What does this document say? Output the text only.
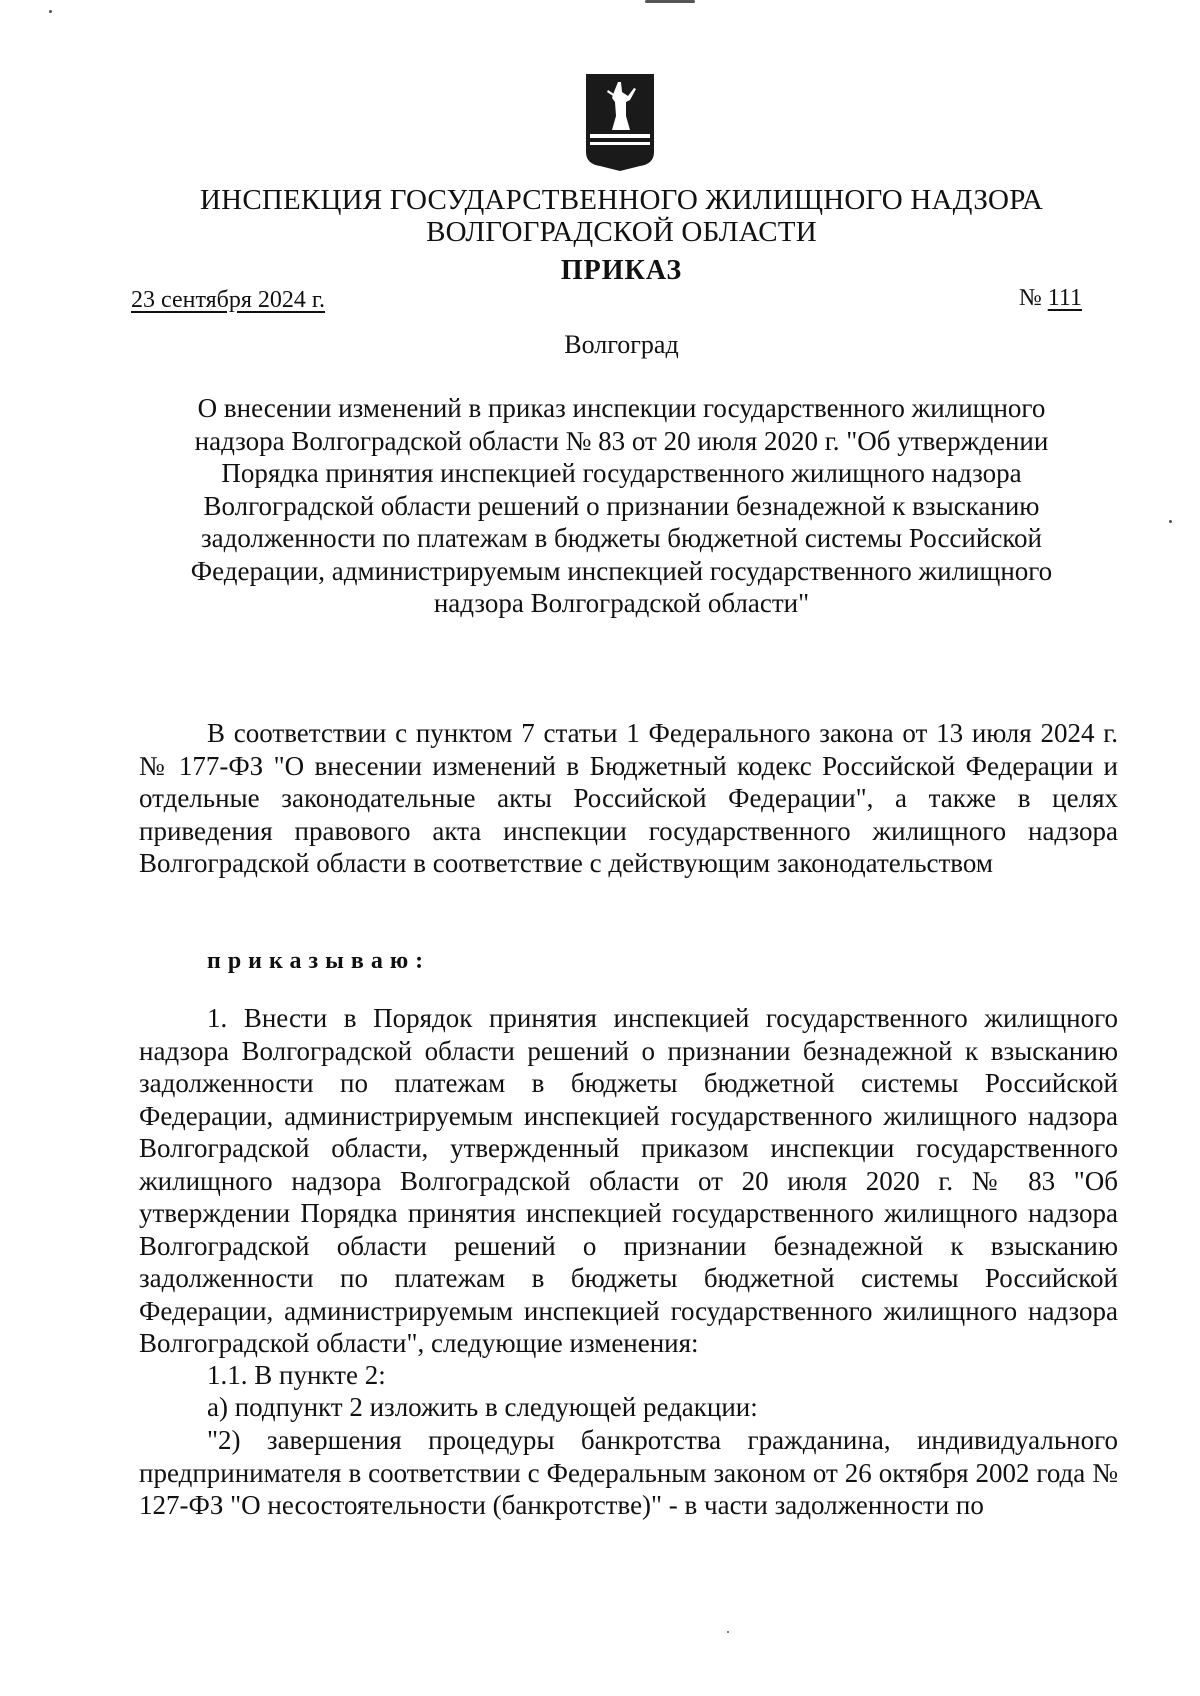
ИНСПЕКЦИЯ ГОСУДАРСТВЕННОГО ЖИЛИЩНОГО НАДЗОРА
ВОЛГОГРАДСКОЙ ОБЛАСТИ
ПРИКАЗ
23 сентября 2024 г.	№ 111
Волгоград
О внесении изменений в приказ инспекции государственного жилищного
надзора Волгоградской области № 83 от 20 июля 2020 г. "Об утверждении
Порядка принятия инспекцией государственного жилищного надзора
Волгоградской области решений о признании безнадежной к взысканию
задолженности по платежам в бюджеты бюджетной системы Российской
Федерации, администрируемым инспекцией государственного жилищного
надзора Волгоградской области"

В соответствии с пунктом 7 статьи 1 Федерального закона от 13 июля 2024 г. № 177-ФЗ "О внесении изменений в Бюджетный кодекс Российской Федерации и отдельные законодательные акты Российской Федерации", а также в целях приведения правового акта инспекции государственного жилищного надзора Волгоградской области в соответствие с действующим законодательством

приказываю:

1. Внести в Порядок принятия инспекцией государственного жилищного надзора Волгоградской области решений о признании безнадежной к взысканию задолженности по платежам в бюджеты бюджетной системы Российской Федерации, администрируемым инспекцией государственного жилищного надзора Волгоградской области, утвержденный приказом инспекции государственного жилищного надзора Волгоградской области от 20 июля 2020 г. № 83 "Об утверждении Порядка принятия инспекцией государственного жилищного надзора Волгоградской области решений о признании безнадежной к взысканию задолженности по платежам в бюджеты бюджетной системы Российской Федерации, администрируемым инспекцией государственного жилищного надзора Волгоградской области", следующие изменения:

1.1. В пункте 2:

а) подпункт 2 изложить в следующей редакции:

"2) завершения процедуры банкротства гражданина, индивидуального предпринимателя в соответствии с Федеральным законом от 26 октября 2002 года № 127-ФЗ "О несостоятельности (банкротстве)" - в части задолженности по
